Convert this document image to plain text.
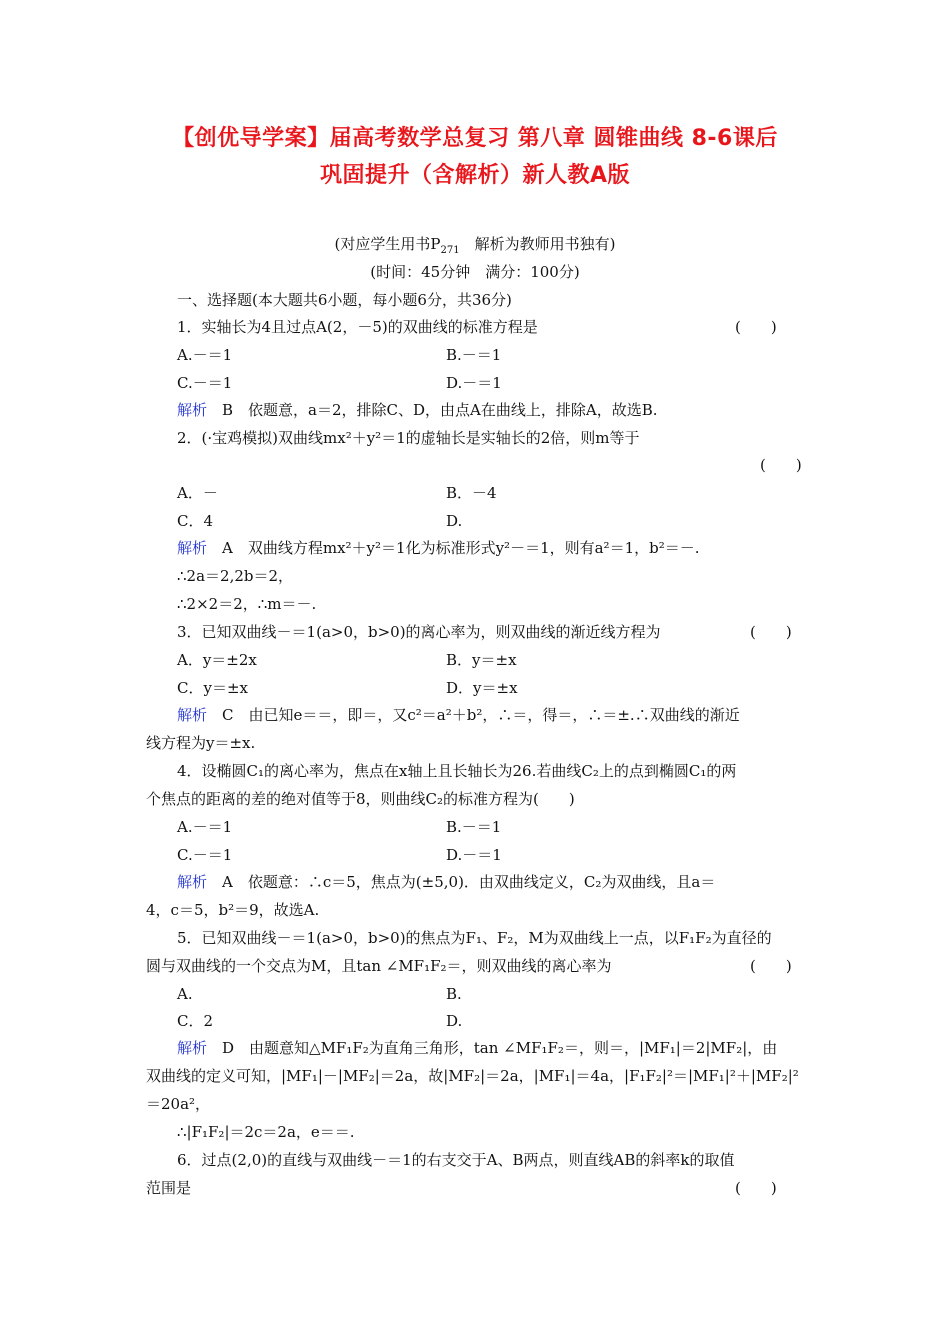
【创优导学案】届高考数学总复习 第八章 圆锥曲线 8-6课后
巩固提升（含解析）新人教A版
(对应学生用书$P_{271}$　解析为教师用书独有)
(时间：45分钟　满分：100分)
一、选择题(本大题共6小题，每小题6分，共36分)
1．实轴长为4且过点A(2，－5)的双曲线的标准方程是	(　　)
A.－＝1	B.－＝1
C.－＝1	D.－＝1
解析　B　依题意，a＝2，排除C、D，由点A在曲线上，排除A，故选B.
2．(·宝鸡模拟)双曲线mx²＋y²＝1的虚轴长是实轴长的2倍，则m等于
(　　)
A．－	B．－4
C．4	D.
解析　A　双曲线方程mx²＋y²＝1化为标准形式y²－＝1，则有a²＝1，b²＝－.
∴2a＝2,2b＝2，
∴2×2＝2，∴m＝－.
3．已知双曲线－＝1(a>0，b>0)的离心率为，则双曲线的渐近线方程为	(　　)
A．y＝±2x	B．y＝±x
C．y＝±x	D．y＝±x
解析　C　由已知e＝＝，即＝，又c²＝a²＋b²，∴＝，得＝，∴＝±.∴双曲线的渐近
线方程为y＝±x.
4．设椭圆C₁的离心率为，焦点在x轴上且长轴长为26.若曲线C₂上的点到椭圆C₁的两
个焦点的距离的差的绝对值等于8，则曲线C₂的标准方程为(　　)
A.－＝1	B.－＝1
C.－＝1	D.－＝1
解析　A　依题意：∴c＝5，焦点为(±5,0)．由双曲线定义，C₂为双曲线，且a＝
4，c＝5，b²＝9，故选A.
5．已知双曲线－＝1(a>0，b>0)的焦点为F₁、F₂，M为双曲线上一点，以F₁F₂为直径的
圆与双曲线的一个交点为M，且tan ∠MF₁F₂＝，则双曲线的离心率为	(　　)
A.	B.
C．2	D.
解析　D　由题意知△MF₁F₂为直角三角形，tan ∠MF₁F₂＝，则＝，|MF₁|＝2|MF₂|，由
双曲线的定义可知，|MF₁|－|MF₂|＝2a，故|MF₂|＝2a，|MF₁|＝4a，|F₁F₂|²＝|MF₁|²＋|MF₂|²
＝20a²，
∴|F₁F₂|＝2c＝2a，e＝＝.
6．过点(2,0)的直线与双曲线－＝1的右支交于A、B两点，则直线AB的斜率k的取值
范围是	(　　)
